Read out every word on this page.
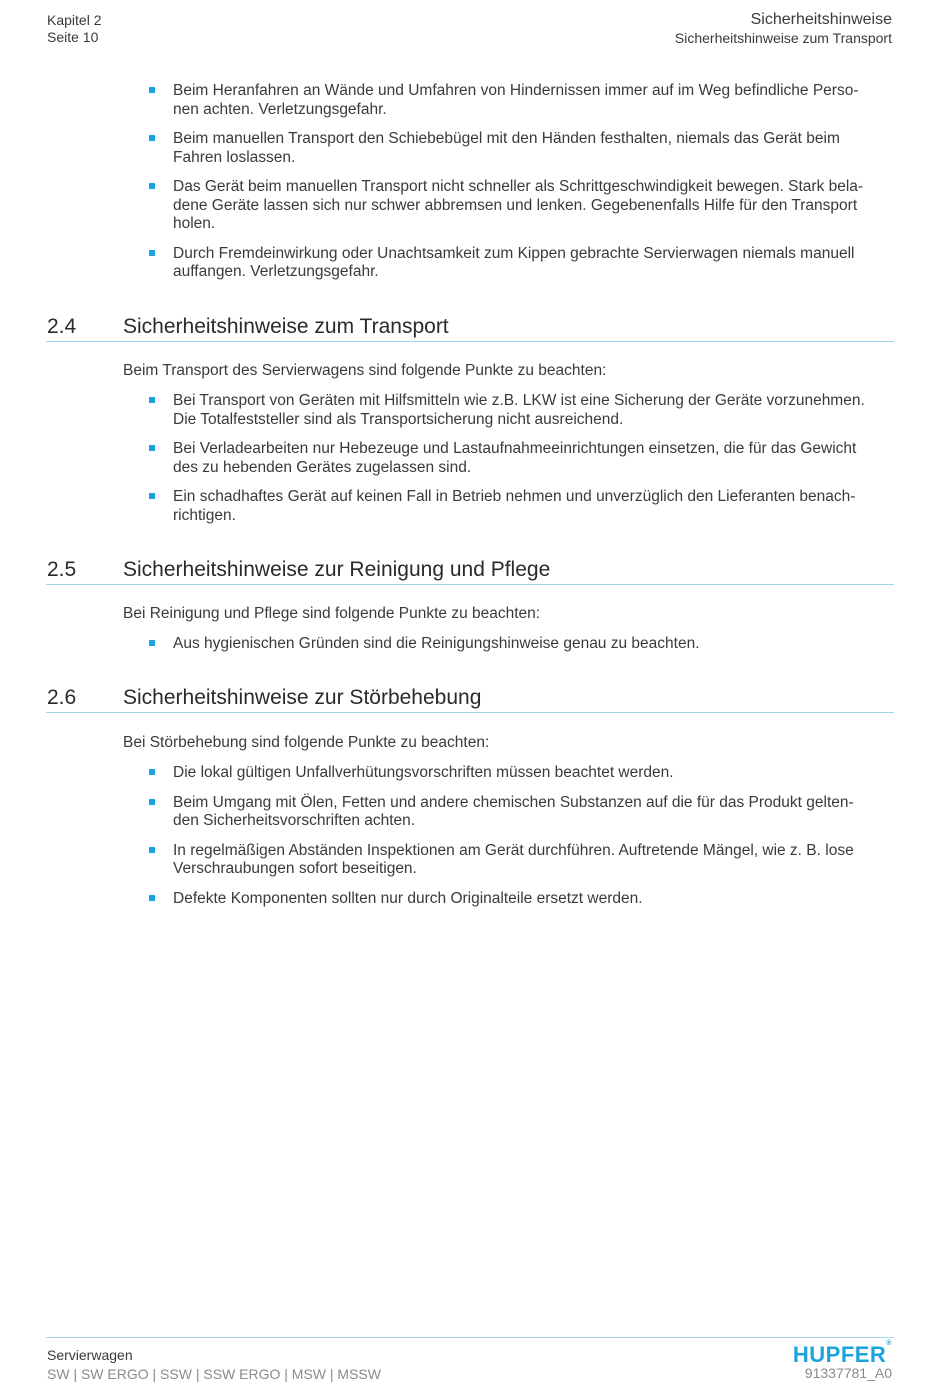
Kapitel 2
Seite 10
Sicherheitshinweise
Sicherheitshinweise zum Transport
Beim Heranfahren an Wände und Umfahren von Hindernissen immer auf im Weg befindliche Perso-
nen achten. Verletzungsgefahr.
Beim manuellen Transport den Schiebebügel mit den Händen festhalten, niemals das Gerät beim
Fahren loslassen.
Das Gerät beim manuellen Transport nicht schneller als Schrittgeschwindigkeit bewegen. Stark bela-
dene Geräte lassen sich nur schwer abbremsen und lenken. Gegebenenfalls Hilfe für den Transport
holen.
Durch Fremdeinwirkung oder Unachtsamkeit zum Kippen gebrachte Servierwagen niemals manuell
auffangen. Verletzungsgefahr.
2.4 Sicherheitshinweise zum Transport
Beim Transport des Servierwagens sind folgende Punkte zu beachten:
Bei Transport von Geräten mit Hilfsmitteln wie z.B. LKW ist eine Sicherung der Geräte vorzunehmen.
Die Totalfeststeller sind als Transportsicherung nicht ausreichend.
Bei Verladearbeiten nur Hebezeuge und Lastaufnahmeeinrichtungen einsetzen, die für das Gewicht
des zu hebenden Gerätes zugelassen sind.
Ein schadhaftes Gerät auf keinen Fall in Betrieb nehmen und unverzüglich den Lieferanten benach-
richtigen.
2.5 Sicherheitshinweise zur Reinigung und Pflege
Bei Reinigung und Pflege sind folgende Punkte zu beachten:
Aus hygienischen Gründen sind die Reinigungshinweise genau zu beachten.
2.6 Sicherheitshinweise zur Störbehebung
Bei Störbehebung sind folgende Punkte zu beachten:
Die lokal gültigen Unfallverhütungsvorschriften müssen beachtet werden.
Beim Umgang mit Ölen, Fetten und andere chemischen Substanzen auf die für das Produkt gelten-
den Sicherheitsvorschriften achten.
In regelmäßigen Abständen Inspektionen am Gerät durchführen. Auftretende Mängel, wie z. B. lose
Verschraubungen sofort beseitigen.
Defekte Komponenten sollten nur durch Originalteile ersetzt werden.
Servierwagen
SW | SW ERGO | SSW | SSW ERGO | MSW | MSSW
HUPFER®
91337781_A0
